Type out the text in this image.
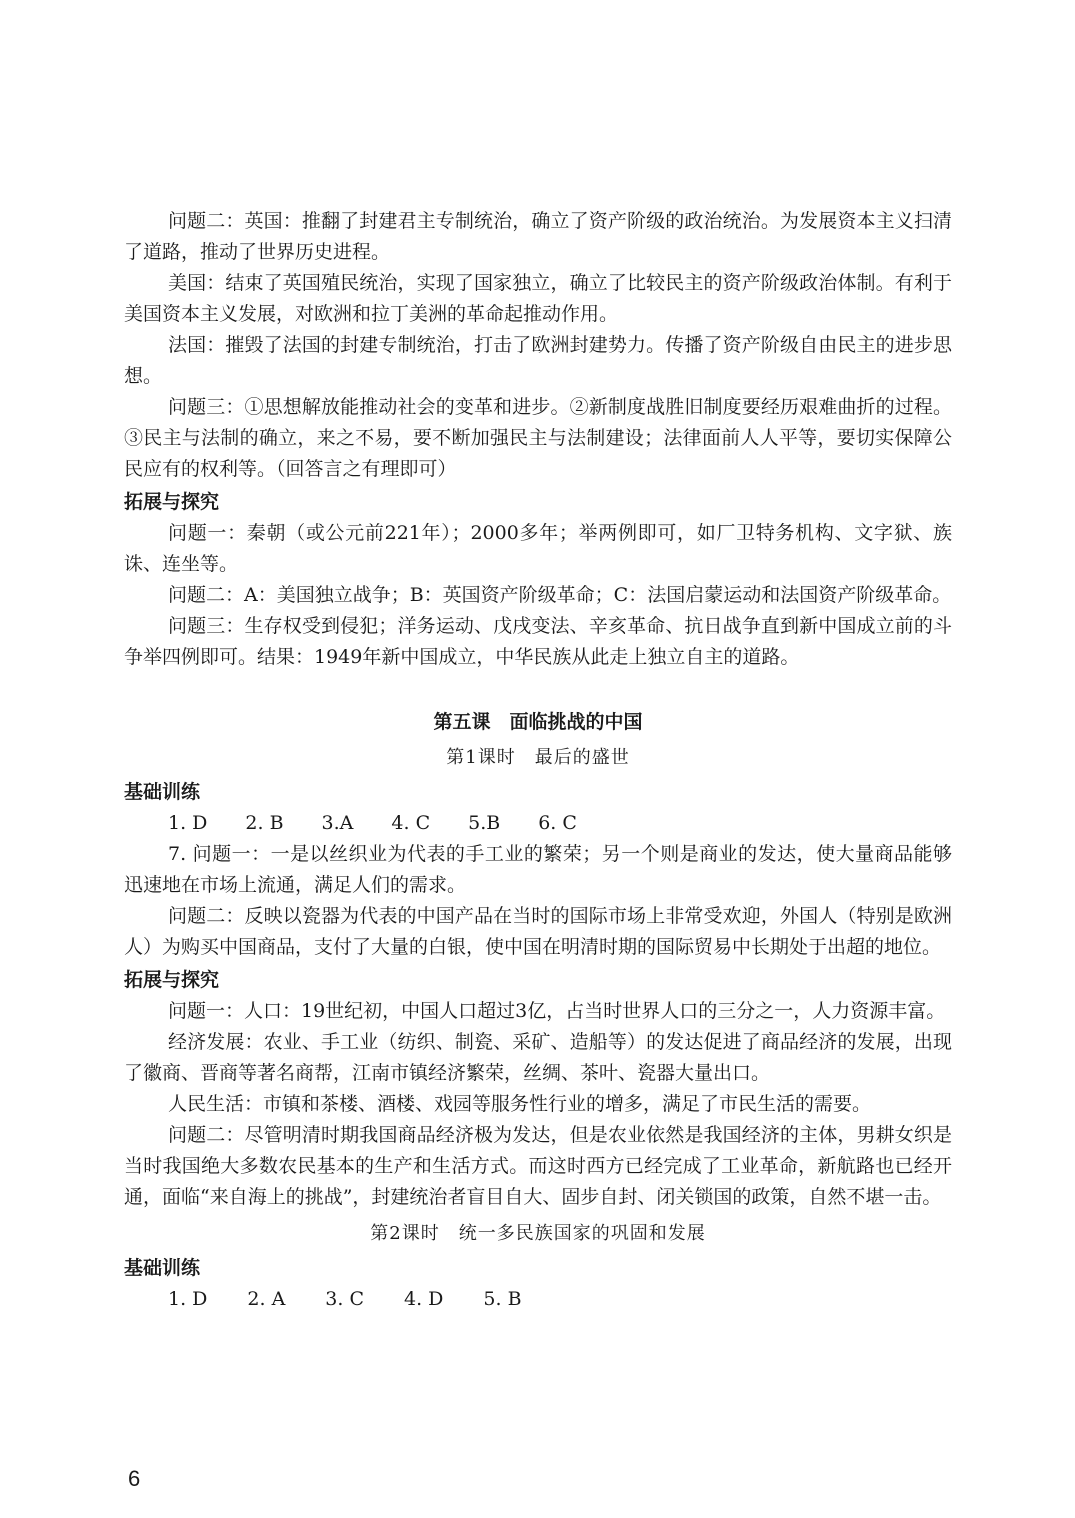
问题二：英国：推翻了封建君主专制统治，确立了资产阶级的政治统治。为发展资本主义扫清了道路，推动了世界历史进程。

美国：结束了英国殖民统治，实现了国家独立，确立了比较民主的资产阶级政治体制。有利于美国资本主义发展，对欧洲和拉丁美洲的革命起推动作用。

法国：摧毁了法国的封建专制统治，打击了欧洲封建势力。传播了资产阶级自由民主的进步思想。

问题三：①思想解放能推动社会的变革和进步。②新制度战胜旧制度要经历艰难曲折的过程。③民主与法制的确立，来之不易，要不断加强民主与法制建设；法律面前人人平等，要切实保障公民应有的权利等。（回答言之有理即可）

拓展与探究

问题一：秦朝（或公元前221年）；2000多年；举两例即可，如厂卫特务机构、文字狱、族诛、连坐等。

问题二：A：美国独立战争；B：英国资产阶级革命；C：法国启蒙运动和法国资产阶级革命。

问题三：生存权受到侵犯；洋务运动、戊戌变法、辛亥革命、抗日战争直到新中国成立前的斗争举四例即可。结果：1949年新中国成立，中华民族从此走上独立自主的道路。

第五课　面临挑战的中国
第1课时　最后的盛世
基础训练
1. D 2. B 3.A 4. C 5.B 6. C

7. 问题一：一是以丝织业为代表的手工业的繁荣；另一个则是商业的发达，使大量商品能够迅速地在市场上流通，满足人们的需求。

问题二：反映以瓷器为代表的中国产品在当时的国际市场上非常受欢迎，外国人（特别是欧洲人）为购买中国商品，支付了大量的白银，使中国在明清时期的国际贸易中长期处于出超的地位。

拓展与探究

问题一：人口：19世纪初，中国人口超过3亿，占当时世界人口的三分之一，人力资源丰富。

经济发展：农业、手工业（纺织、制瓷、采矿、造船等）的发达促进了商品经济的发展，出现了徽商、晋商等著名商帮，江南市镇经济繁荣，丝绸、茶叶、瓷器大量出口。

人民生活：市镇和茶楼、酒楼、戏园等服务性行业的增多，满足了市民生活的需要。

问题二：尽管明清时期我国商品经济极为发达，但是农业依然是我国经济的主体，男耕女织是当时我国绝大多数农民基本的生产和生活方式。而这时西方已经完成了工业革命，新航路也已经开通，面临“来自海上的挑战”，封建统治者盲目自大、固步自封、闭关锁国的政策，自然不堪一击。

第2课时　统一多民族国家的巩固和发展
基础训练
1. D 2. A 3. C 4. D 5. B
6
